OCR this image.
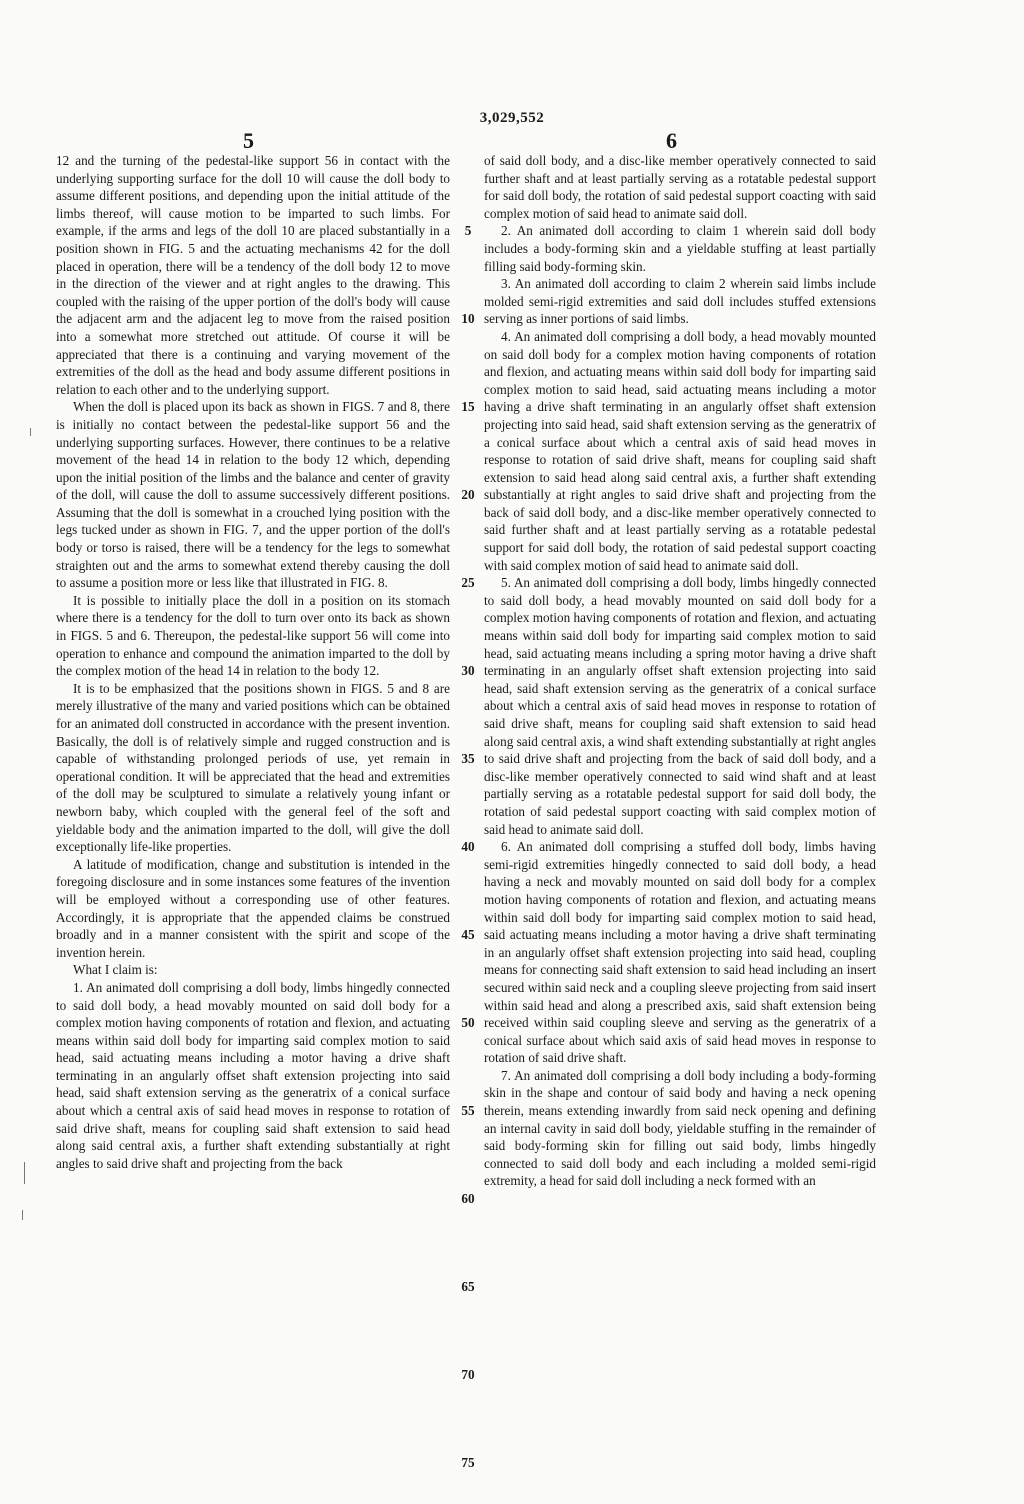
3,029,552
5	6

12 and the turning of the pedestal-like support 56 in contact with the underlying supporting surface for the doll 10 will cause the doll body to assume different positions, and depending upon the initial attitude of the limbs thereof, will cause motion to be imparted to such limbs. For example, if the arms and legs of the doll 10 are placed substantially in a position shown in FIG. 5 and the actuating mechanisms 42 for the doll placed in operation, there will be a tendency of the doll body 12 to move in the direction of the viewer and at right angles to the drawing. This coupled with the raising of the upper portion of the doll's body will cause the adjacent arm and the adjacent leg to move from the raised position into a somewhat more stretched out attitude. Of course it will be appreciated that there is a continuing and varying movement of the extremities of the doll as the head and body assume different positions in relation to each other and to the underlying support.

When the doll is placed upon its back as shown in FIGS. 7 and 8, there is initially no contact between the pedestal-like support 56 and the underlying supporting surfaces. However, there continues to be a relative movement of the head 14 in relation to the body 12 which, depending upon the initial position of the limbs and the balance and center of gravity of the doll, will cause the doll to assume successively different positions. Assuming that the doll is somewhat in a crouched lying position with the legs tucked under as shown in FIG. 7, and the upper portion of the doll's body or torso is raised, there will be a tendency for the legs to somewhat straighten out and the arms to somewhat extend thereby causing the doll to assume a position more or less like that illustrated in FIG. 8.

It is possible to initially place the doll in a position on its stomach where there is a tendency for the doll to turn over onto its back as shown in FIGS. 5 and 6. Thereupon, the pedestal-like support 56 will come into operation to enhance and compound the animation imparted to the doll by the complex motion of the head 14 in relation to the body 12.

It is to be emphasized that the positions shown in FIGS. 5 and 8 are merely illustrative of the many and varied positions which can be obtained for an animated doll constructed in accordance with the present invention. Basically, the doll is of relatively simple and rugged construction and is capable of withstanding prolonged periods of use, yet remain in operational condition. It will be appreciated that the head and extremities of the doll may be sculptured to simulate a relatively young infant or newborn baby, which coupled with the general feel of the soft and yieldable body and the animation imparted to the doll, will give the doll exceptionally life-like properties.

A latitude of modification, change and substitution is intended in the foregoing disclosure and in some instances some features of the invention will be employed without a corresponding use of other features. Accordingly, it is appropriate that the appended claims be construed broadly and in a manner consistent with the spirit and scope of the invention herein.

What I claim is:

1. An animated doll comprising a doll body, limbs hingedly connected to said doll body, a head movably mounted on said doll body for a complex motion having components of rotation and flexion, and actuating means within said doll body for imparting said complex motion to said head, said actuating means including a motor having a drive shaft terminating in an angularly offset shaft extension projecting into said head, said shaft extension serving as the generatrix of a conical surface about which a central axis of said head moves in response to rotation of said drive shaft, means for coupling said shaft extension to said head along said central axis, a further shaft extending substantially at right angles to said drive shaft and projecting from the back

5
10
15
20
25
30
35
40
45
50
55
60
65
70
75

of said doll body, and a disc-like member operatively connected to said further shaft and at least partially serving as a rotatable pedestal support for said doll body, the rotation of said pedestal support coacting with said complex motion of said head to animate said doll.

2. An animated doll according to claim 1 wherein said doll body includes a body-forming skin and a yieldable stuffing at least partially filling said body-forming skin.

3. An animated doll according to claim 2 wherein said limbs include molded semi-rigid extremities and said doll includes stuffed extensions serving as inner portions of said limbs.

4. An animated doll comprising a doll body, a head movably mounted on said doll body for a complex motion having components of rotation and flexion, and actuating means within said doll body for imparting said complex motion to said head, said actuating means including a motor having a drive shaft terminating in an angularly offset shaft extension projecting into said head, said shaft extension serving as the generatrix of a conical surface about which a central axis of said head moves in response to rotation of said drive shaft, means for coupling said shaft extension to said head along said central axis, a further shaft extending substantially at right angles to said drive shaft and projecting from the back of said doll body, and a disc-like member operatively connected to said further shaft and at least partially serving as a rotatable pedestal support for said doll body, the rotation of said pedestal support coacting with said complex motion of said head to animate said doll.

5. An animated doll comprising a doll body, limbs hingedly connected to said doll body, a head movably mounted on said doll body for a complex motion having components of rotation and flexion, and actuating means within said doll body for imparting said complex motion to said head, said actuating means including a spring motor having a drive shaft terminating in an angularly offset shaft extension projecting into said head, said shaft extension serving as the generatrix of a conical surface about which a central axis of said head moves in response to rotation of said drive shaft, means for coupling said shaft extension to said head along said central axis, a wind shaft extending substantially at right angles to said drive shaft and projecting from the back of said doll body, and a disc-like member operatively connected to said wind shaft and at least partially serving as a rotatable pedestal support for said doll body, the rotation of said pedestal support coacting with said complex motion of said head to animate said doll.

6. An animated doll comprising a stuffed doll body, limbs having semi-rigid extremities hingedly connected to said doll body, a head having a neck and movably mounted on said doll body for a complex motion having components of rotation and flexion, and actuating means within said doll body for imparting said complex motion to said head, said actuating means including a motor having a drive shaft terminating in an angularly offset shaft extension projecting into said head, coupling means for connecting said shaft extension to said head including an insert secured within said neck and a coupling sleeve projecting from said insert within said head and along a prescribed axis, said shaft extension being received within said coupling sleeve and serving as the generatrix of a conical surface about which said axis of said head moves in response to rotation of said drive shaft.

7. An animated doll comprising a doll body including a body-forming skin in the shape and contour of said body and having a neck opening therein, means extending inwardly from said neck opening and defining an internal cavity in said doll body, yieldable stuffing in the remainder of said body-forming skin for filling out said body, limbs hingedly connected to said doll body and each including a molded semi-rigid extremity, a head for said doll including a neck formed with an
